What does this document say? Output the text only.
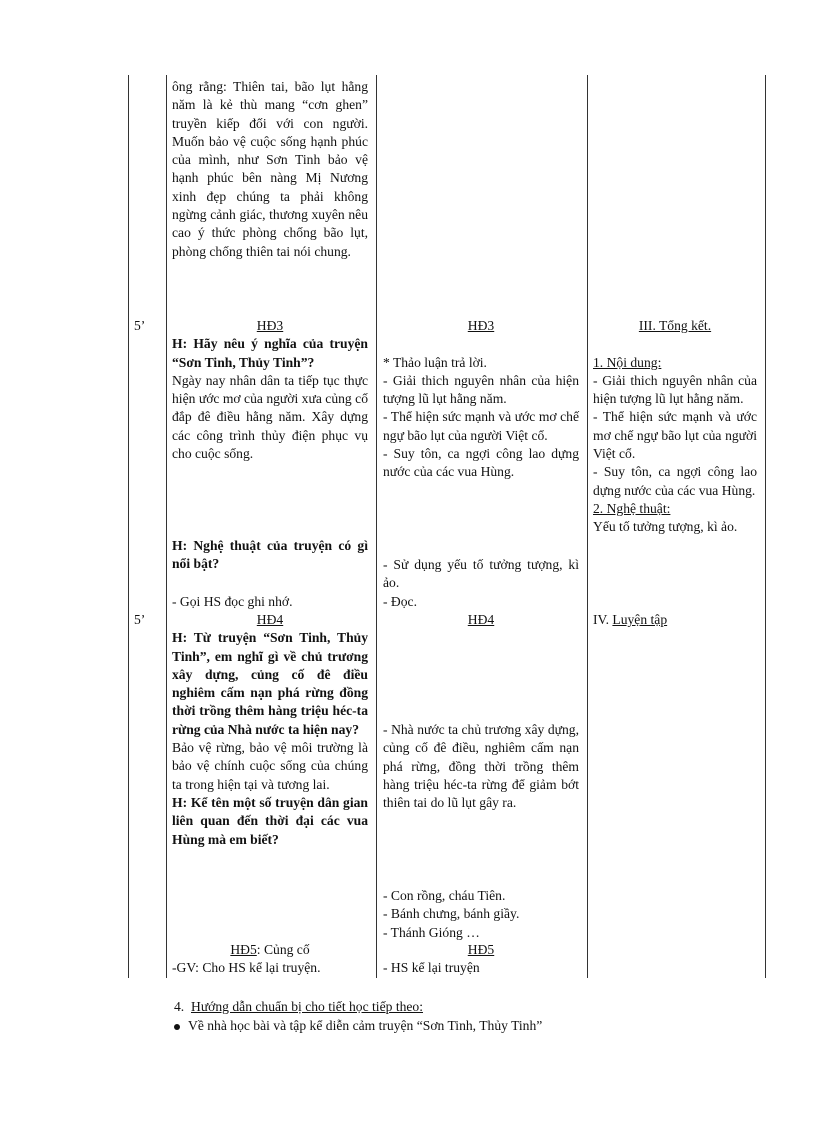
ông rằng: Thiên tai, bão lụt hằng năm là kẻ thù mang “cơn ghen” truyền kiếp đối với con người. Muốn bảo vệ cuộc sống hạnh phúc của mình, như Sơn Tinh bảo vệ hạnh phúc bên nàng Mị Nương xinh đẹp chúng ta phải không ngừng cảnh giác, thương xuyên nêu cao ý thức phòng chống bão lụt, phòng chống thiên tai nói chung.
5’	HĐ3

H: Hãy nêu ý nghĩa của truyện “Sơn Tinh, Thủy Tinh”?

Ngày nay nhân dân ta tiếp tục thực hiện ước mơ của người xưa củng cố đắp đê điều hằng năm. Xây dựng các công trình thủy điện phục vụ cho cuộc sống.

H: Nghệ thuật của truyện có gì nổi bật?
- Gọi HS đọc ghi nhớ.

HĐ3

* Thảo luận trả lời.

- Giải thich nguyên nhân của hiện tượng lũ lụt hằng năm.

- Thể hiện sức mạnh và ước mơ chế ngự bão lụt của người Việt cổ.

- Suy tôn, ca ngợi công lao dựng nước của các vua Hùng.

- Sử dụng yếu tố tưởng tượng, kì ảo.
- Đọc.

III. Tổng kết.

1. Nội dung:

- Giải thich nguyên nhân của hiện tượng lũ lụt hằng năm.

- Thể hiện sức mạnh và ước mơ chế ngự bão lụt của người Việt cổ.

- Suy tôn, ca ngợi công lao dựng nước của các vua Hùng.

2. Nghệ thuật:

Yếu tố tưởng tượng, kì ảo.

5’	HĐ4

H: Từ truyện “Sơn Tinh, Thủy Tinh”, em nghĩ gì về chủ trương xây dựng, củng cố đê điều nghiêm cấm nạn phá rừng đồng thời trồng thêm hàng triệu héc-ta rừng của Nhà nước ta hiện nay?

Bảo vệ rừng, bảo vệ môi trường là bảo vệ chính cuộc sống của chúng ta trong hiện tại và tương lai.

H: Kể tên một số truyện dân gian liên quan đến thời đại các vua Hùng mà em biết?

HĐ4

- Nhà nước ta chủ trương xây dựng, củng cố đê điều, nghiêm cấm nạn phá rừng, đồng thời trồng thêm hàng triệu héc-ta rừng để giảm bớt thiên tai do lũ lụt gây ra.

- Con rồng, cháu Tiên.

- Bánh chưng, bánh giầy.

- Thánh Gióng …

IV. Luyện tập

HĐ5: Củng cố

-GV: Cho HS kể lại truyện.

HĐ5

- HS kể lại truyện

4. Hướng dẫn chuẩn bị cho tiết học tiếp theo:
Về nhà học bài và tập kể diễn cảm truyện “Sơn Tinh, Thủy Tinh”
